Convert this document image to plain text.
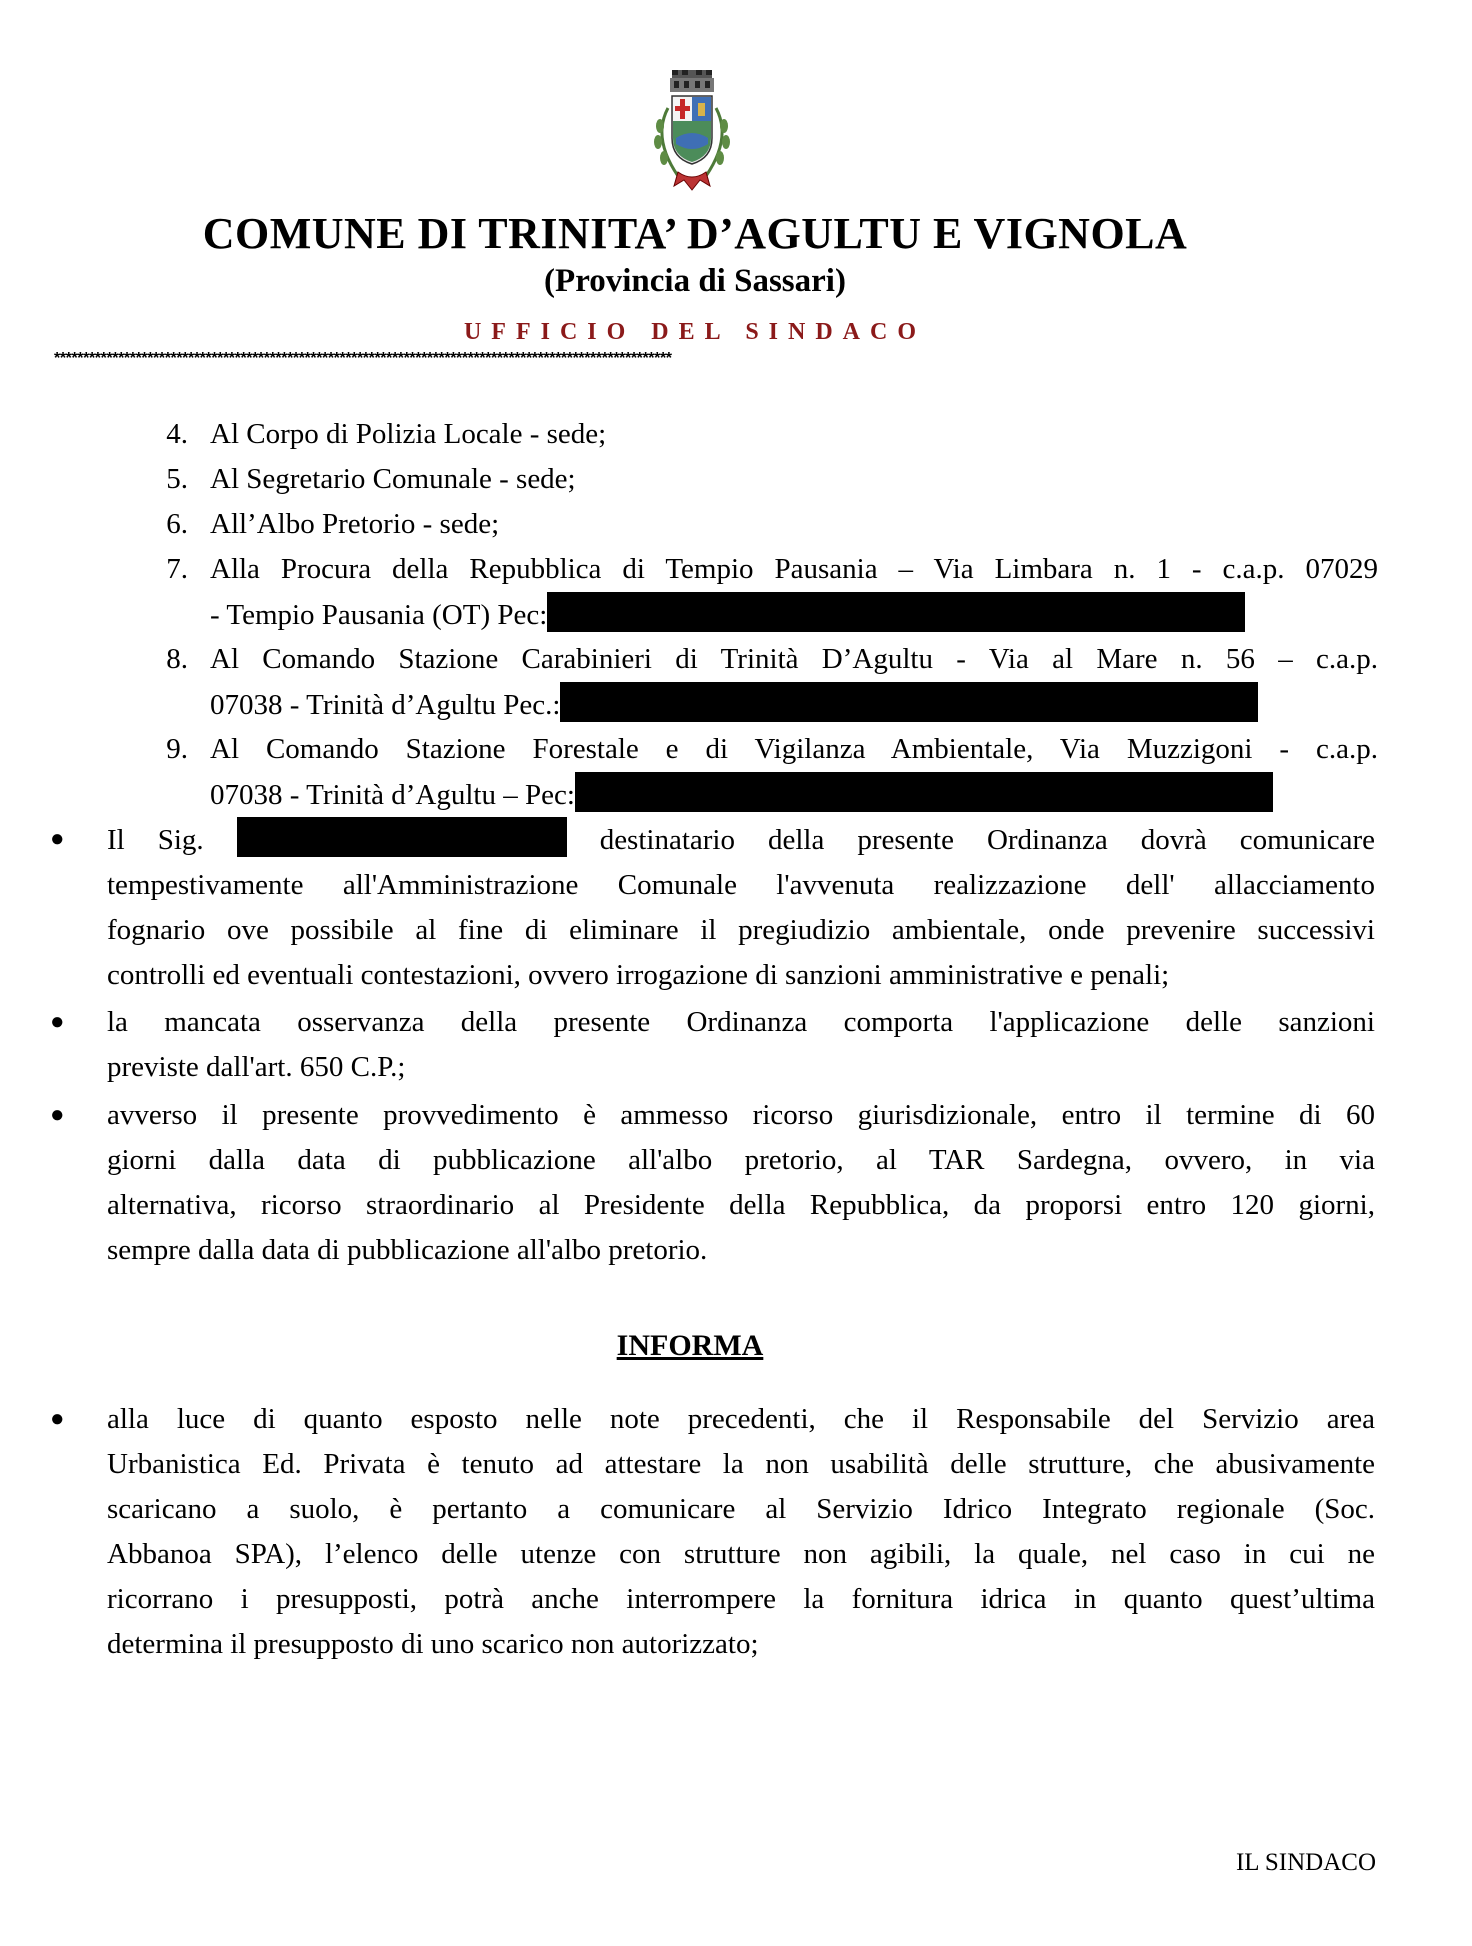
COMUNE DI TRINITA’ D’AGULTU E VIGNOLA
(Provincia di Sassari)
UFFICIO DEL SINDACO
**********************************************************************************************************
4. Al Corpo di Polizia Locale - sede;
5. Al Segretario Comunale - sede;
6. All’Albo Pretorio - sede;
7. Alla Procura della Repubblica di Tempio Pausania – Via Limbara n. 1 - c.a.p. 07029
- Tempio Pausania (OT) Pec:
8. Al Comando Stazione Carabinieri di Trinità D’Agultu - Via al Mare n. 56 – c.a.p.
07038 - Trinità d’Agultu Pec.:
9. Al Comando Stazione Forestale e di Vigilanza Ambientale, Via Muzzigoni - c.a.p.
07038 - Trinità d’Agultu – Pec:
● Il Sig.	destinatario della presente Ordinanza dovrà comunicare
tempestivamente all'Amministrazione Comunale l'avvenuta realizzazione dell' allacciamento
fognario ove possibile al fine di eliminare il pregiudizio ambientale, onde prevenire successivi
controlli ed eventuali contestazioni, ovvero irrogazione di sanzioni amministrative e penali;
● la mancata osservanza della presente Ordinanza comporta l'applicazione delle sanzioni
previste dall'art. 650 C.P.;
● avverso il presente provvedimento è ammesso ricorso giurisdizionale, entro il termine di 60
giorni dalla data di pubblicazione all'albo pretorio, al TAR Sardegna, ovvero, in via
alternativa, ricorso straordinario al Presidente della Repubblica, da proporsi entro 120 giorni,
sempre dalla data di pubblicazione all'albo pretorio.
INFORMA
● alla luce di quanto esposto nelle note precedenti, che il Responsabile del Servizio area
Urbanistica Ed. Privata è tenuto ad attestare la non usabilità delle strutture, che abusivamente
scaricano a suolo, è pertanto a comunicare al Servizio Idrico Integrato regionale (Soc.
Abbanoa SPA), l’elenco delle utenze con strutture non agibili, la quale, nel caso in cui ne
ricorrano i presupposti, potrà anche interrompere la fornitura idrica in quanto quest’ultima
determina il presupposto di uno scarico non autorizzato;
IL SINDACO
